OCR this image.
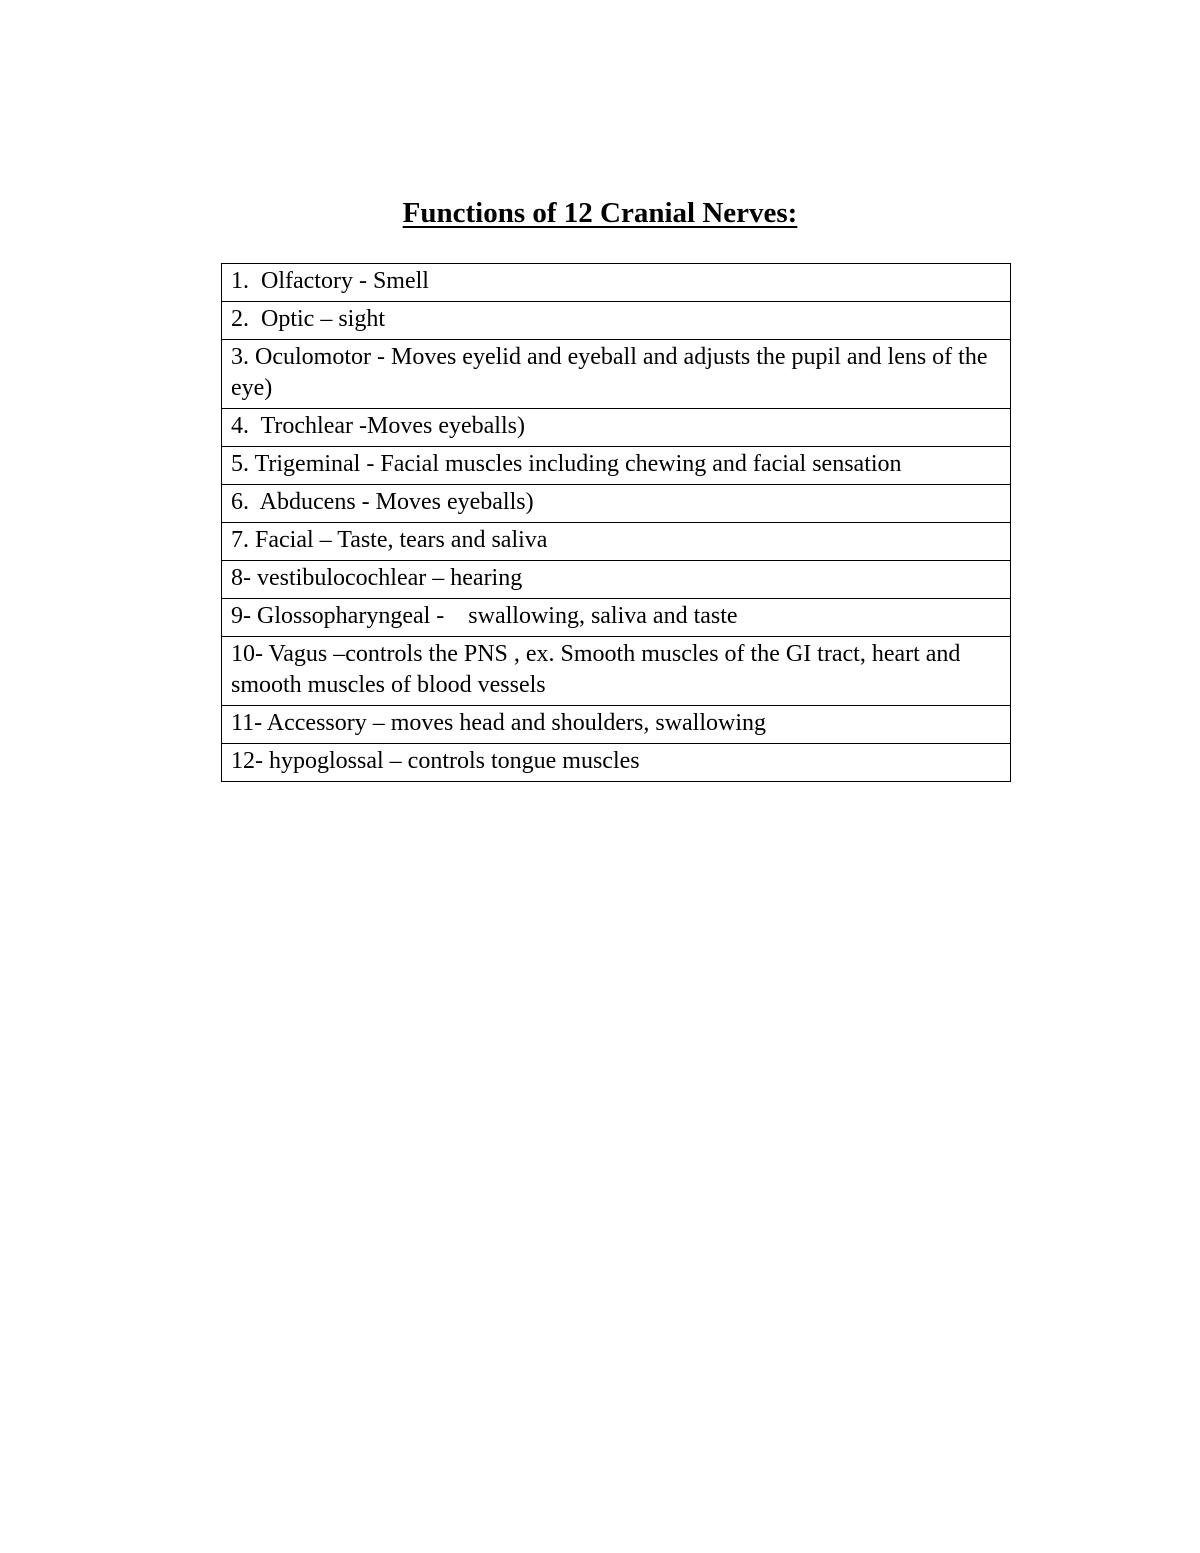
Functions of 12 Cranial Nerves:
1.  Olfactory - Smell
2.  Optic – sight
3. Oculomotor - Moves eyelid and eyeball and adjusts the pupil and lens of the eye)
4.  Trochlear -Moves eyeballs)
5. Trigeminal - Facial muscles including chewing and facial sensation
6.  Abducens - Moves eyeballs)
7. Facial – Taste, tears and saliva
8- vestibulocochlear – hearing
9- Glossopharyngeal -    swallowing, saliva and taste
10- Vagus –controls the PNS , ex. Smooth muscles of the GI tract, heart and smooth muscles of blood vessels
11- Accessory – moves head and shoulders, swallowing
12- hypoglossal – controls tongue muscles
